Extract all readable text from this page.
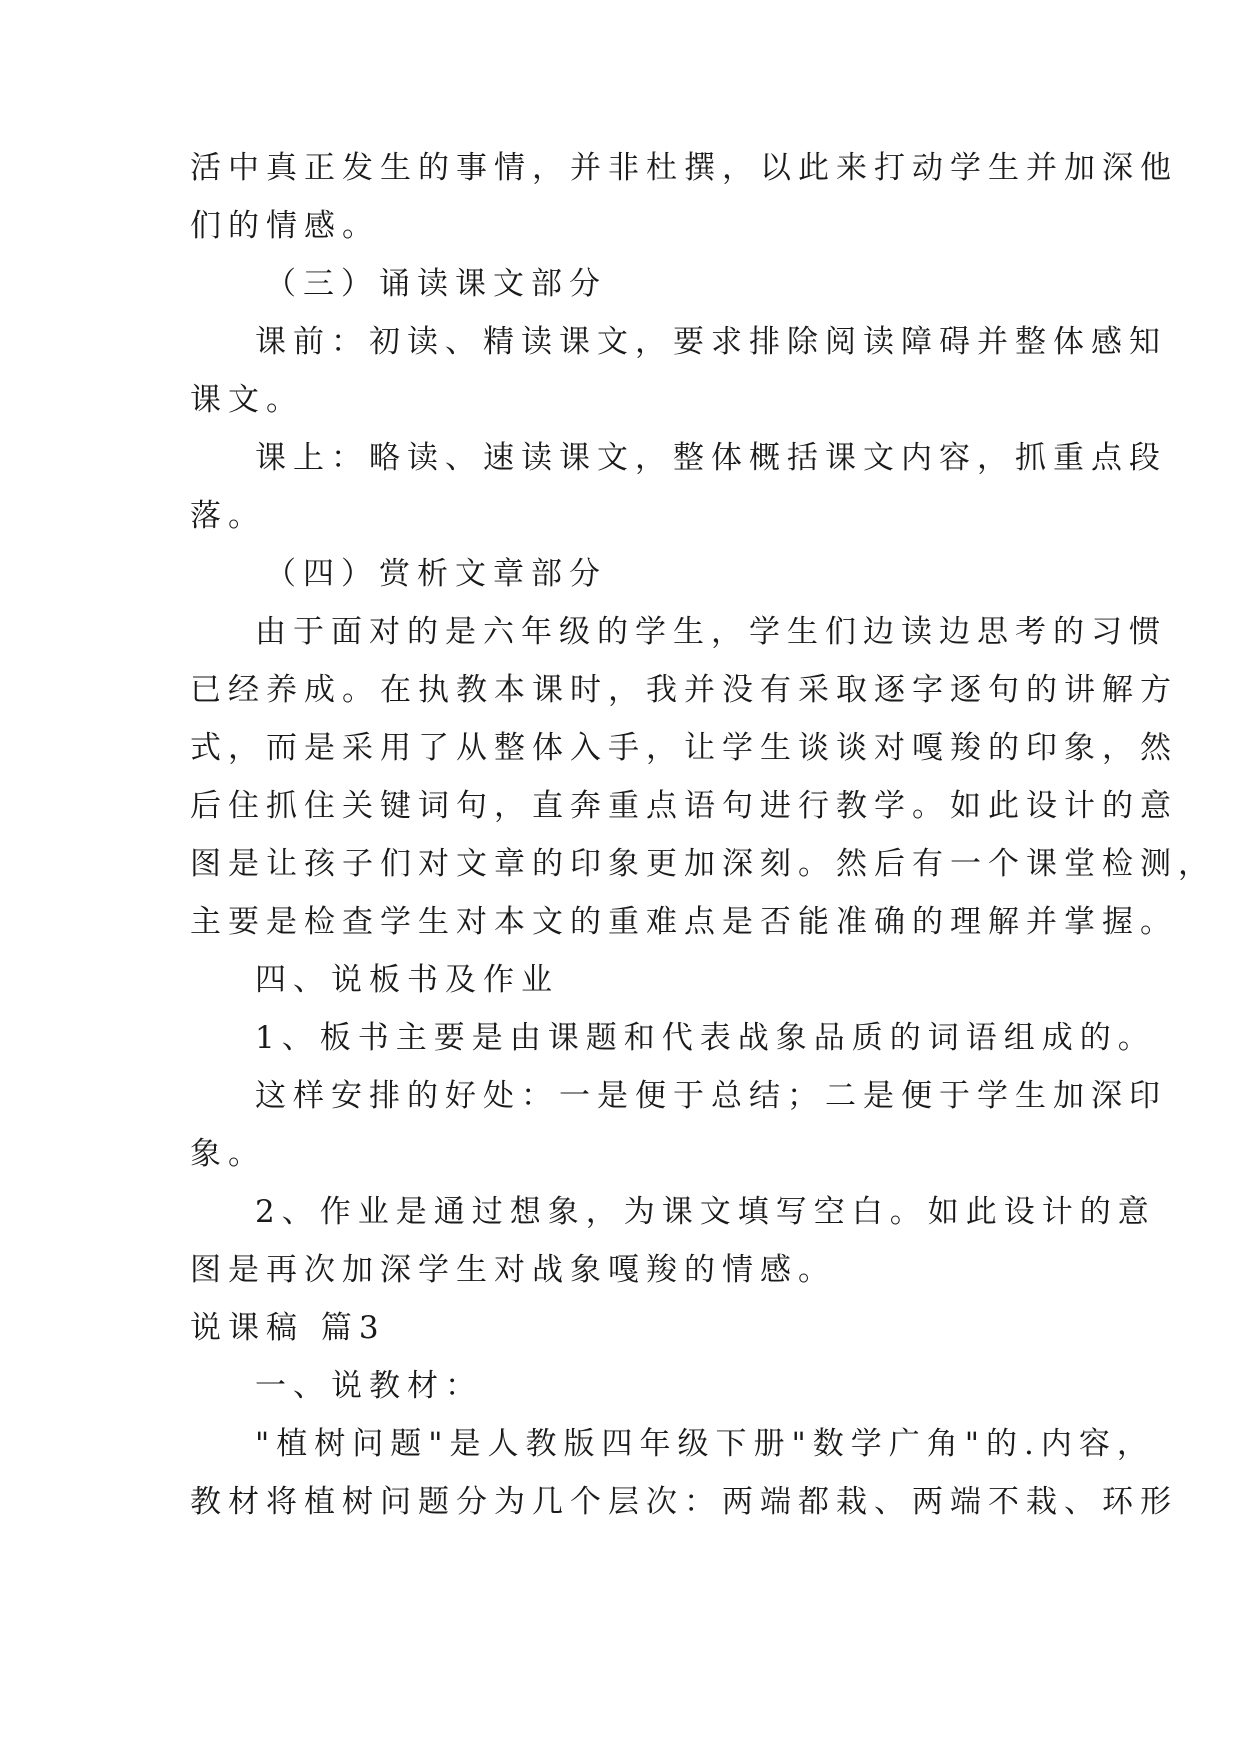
活中真正发生的事情，并非杜撰，以此来打动学生并加深他
们的情感。
（三）诵读课文部分
课前：初读、精读课文，要求排除阅读障碍并整体感知
课文。
课上：略读、速读课文，整体概括课文内容，抓重点段
落。
（四）赏析文章部分
由于面对的是六年级的学生，学生们边读边思考的习惯
已经养成。在执教本课时，我并没有采取逐字逐句的讲解方
式，而是采用了从整体入手，让学生谈谈对嘎羧的印象，然
后住抓住关键词句，直奔重点语句进行教学。如此设计的意
图是让孩子们对文章的印象更加深刻。然后有一个课堂检测，
主要是检查学生对本文的重难点是否能准确的理解并掌握。
四、说板书及作业
1、板书主要是由课题和代表战象品质的词语组成的。
这样安排的好处：一是便于总结；二是便于学生加深印
象。
2、作业是通过想象，为课文填写空白。如此设计的意
图是再次加深学生对战象嘎羧的情感。
说课稿 篇3
一、说教材：
"植树问题"是人教版四年级下册"数学广角"的.内容，
教材将植树问题分为几个层次：两端都栽、两端不栽、环形
